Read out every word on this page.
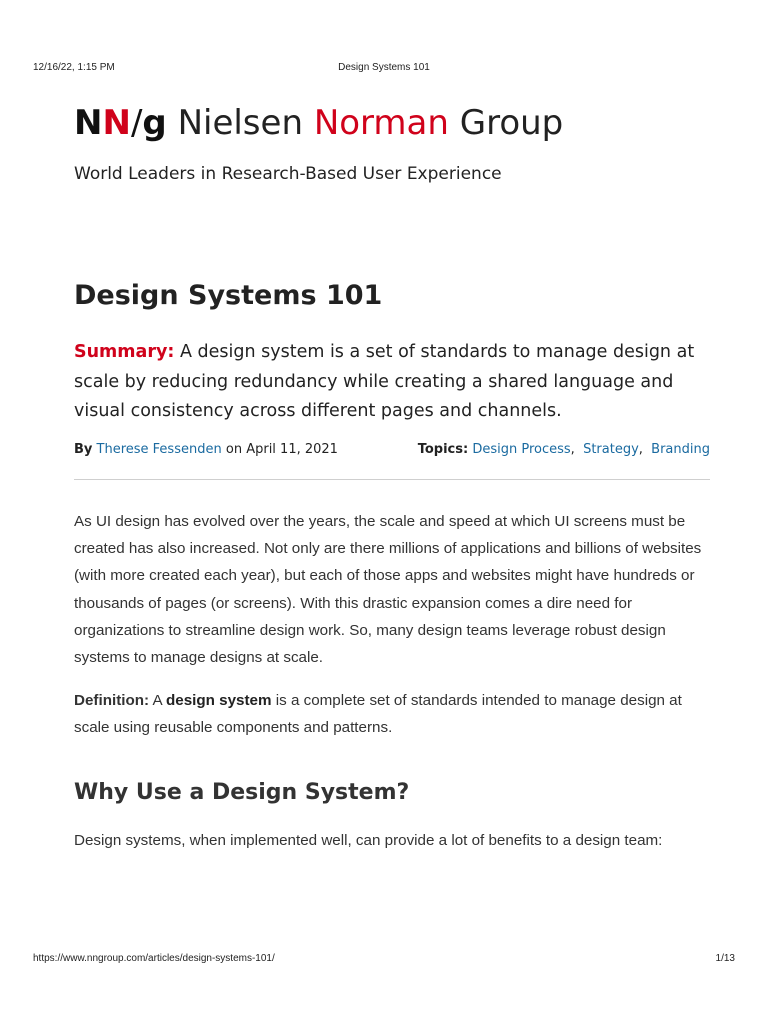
12/16/22, 1:15 PM	Design Systems 101
NN/g Nielsen Norman Group
World Leaders in Research-Based User Experience
Design Systems 101

Summary: A design system is a set of standards to manage design at scale by reducing redundancy while creating a shared language and visual consistency across different pages and channels.

By Therese Fessenden on April 11, 2021	Topics: Design Process,  Strategy,  Branding

As UI design has evolved over the years, the scale and speed at which UI screens must be created has also increased. Not only are there millions of applications and billions of websites (with more created each year), but each of those apps and websites might have hundreds or thousands of pages (or screens). With this drastic expansion comes a dire need for organizations to streamline design work. So, many design teams leverage robust design systems to manage designs at scale.

Definition: A design system is a complete set of standards intended to manage design at scale using reusable components and patterns.

Why Use a Design System?

Design systems, when implemented well, can provide a lot of benefits to a design team:

https://www.nngroup.com/articles/design-systems-101/	1/13
